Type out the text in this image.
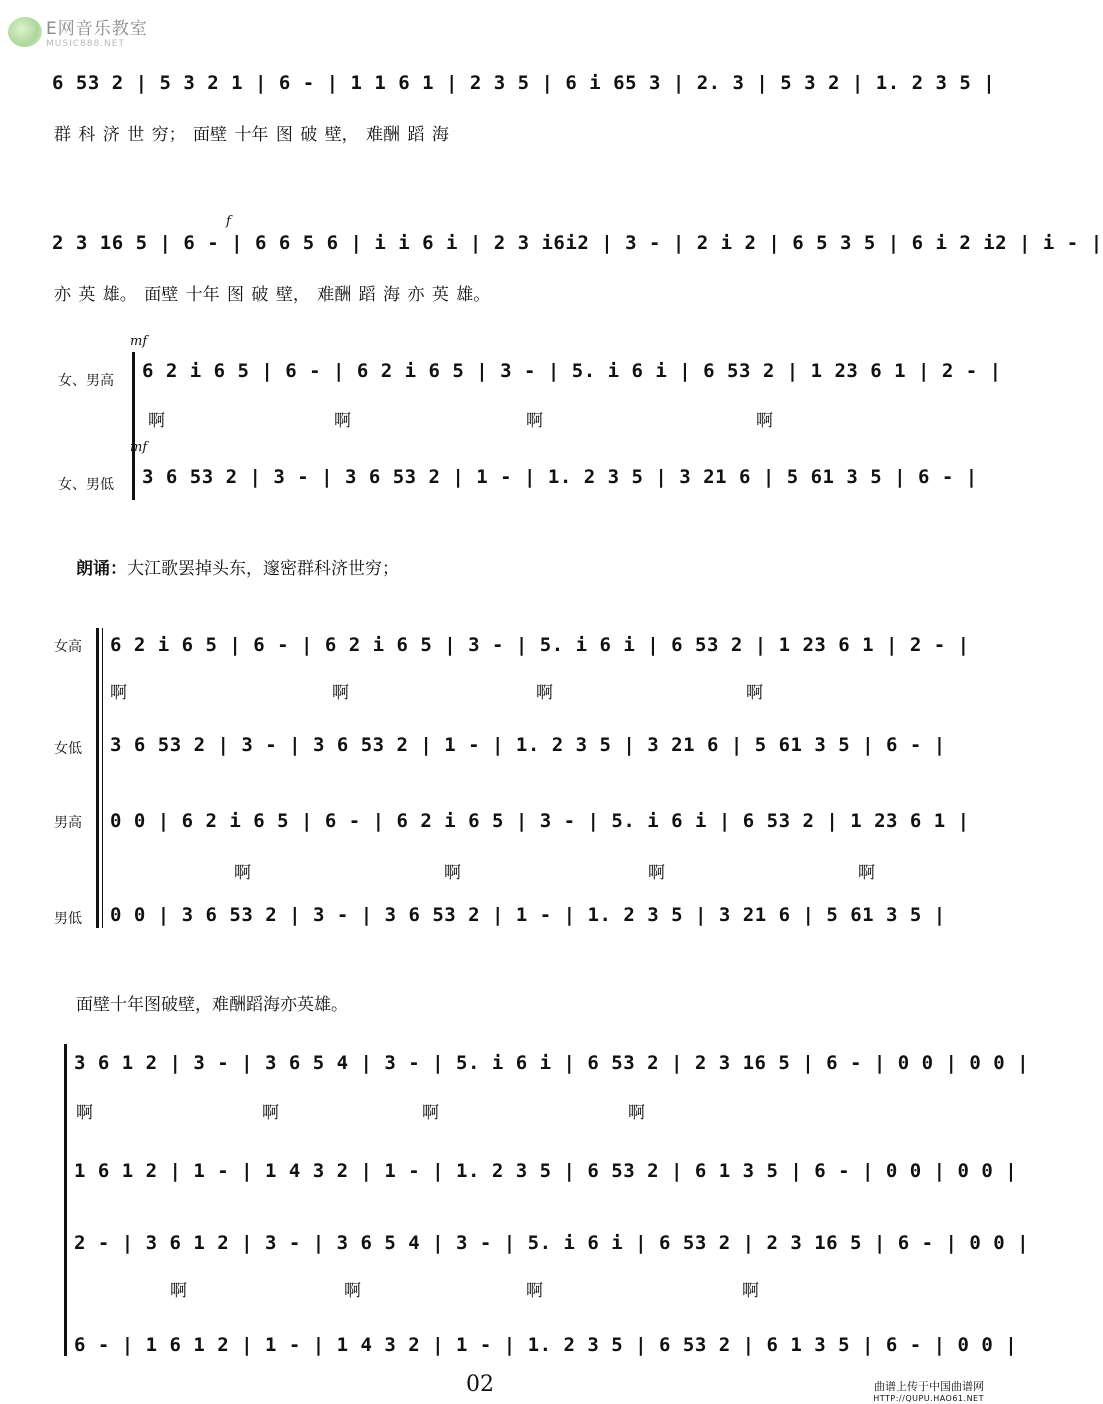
E网音乐教室
MUSIC888.NET
6 53 2 | 5 3 2 1 | 6 - | 1 1 6 1 | 2 3 5 | 6 i 65 3 | 2. 3 | 5 3 2 | 1. 2 3 5 |
群 科 济 世 穷； 面壁 十年 图 破 壁， 难酬 蹈 海
f
2 3 16 5 | 6 - | 6 6 5 6 | i i 6 i | 2 3 i6i2 | 3 - | 2 i 2 | 6 5 3 5 | 6 i 2 i2 | i - |
亦 英 雄。 面壁 十年 图 破 壁， 难酬 蹈 海 亦 英 雄。
mf
女、男高 6 2 i 6 5 | 6 - | 6 2 i 6 5 | 3 - | 5. i 6 i | 6 53 2 | 1 23 6 1 | 2 - |
啊	啊	啊	啊
mf
女、男低 3 6 53 2 | 3 - | 3 6 53 2 | 1 - | 1. 2 3 5 | 3 21 6 | 5 61 3 5 | 6 - |
朗诵：大江歌罢掉头东，邃密群科济世穷；
女高 6 2 i 6 5 | 6 - | 6 2 i 6 5 | 3 - | 5. i 6 i | 6 53 2 | 1 23 6 1 | 2 - |
啊	啊	啊	啊
女低 3 6 53 2 | 3 - | 3 6 53 2 | 1 - | 1. 2 3 5 | 3 21 6 | 5 61 3 5 | 6 - |
男高 0 0 | 6 2 i 6 5 | 6 - | 6 2 i 6 5 | 3 - | 5. i 6 i | 6 53 2 | 1 23 6 1 |
啊	啊	啊	啊
男低 0 0 | 3 6 53 2 | 3 - | 3 6 53 2 | 1 - | 1. 2 3 5 | 3 21 6 | 5 61 3 5 |
面壁十年图破壁，难酬蹈海亦英雄。
3 6 1 2 | 3 - | 3 6 5 4 | 3 - | 5. i 6 i | 6 53 2 | 2 3 16 5 | 6 - | 0 0 | 0 0 |
啊	啊	啊	啊
1 6 1 2 | 1 - | 1 4 3 2 | 1 - | 1. 2 3 5 | 6 53 2 | 6 1 3 5 | 6 - | 0 0 | 0 0 |
2 - | 3 6 1 2 | 3 - | 3 6 5 4 | 3 - | 5. i 6 i | 6 53 2 | 2 3 16 5 | 6 - | 0 0 |
啊	啊	啊	啊
6 - | 1 6 1 2 | 1 - | 1 4 3 2 | 1 - | 1. 2 3 5 | 6 53 2 | 6 1 3 5 | 6 - | 0 0 |
02	曲谱上传于中国曲谱网
HTTP://QUPU.HAO61.NET
